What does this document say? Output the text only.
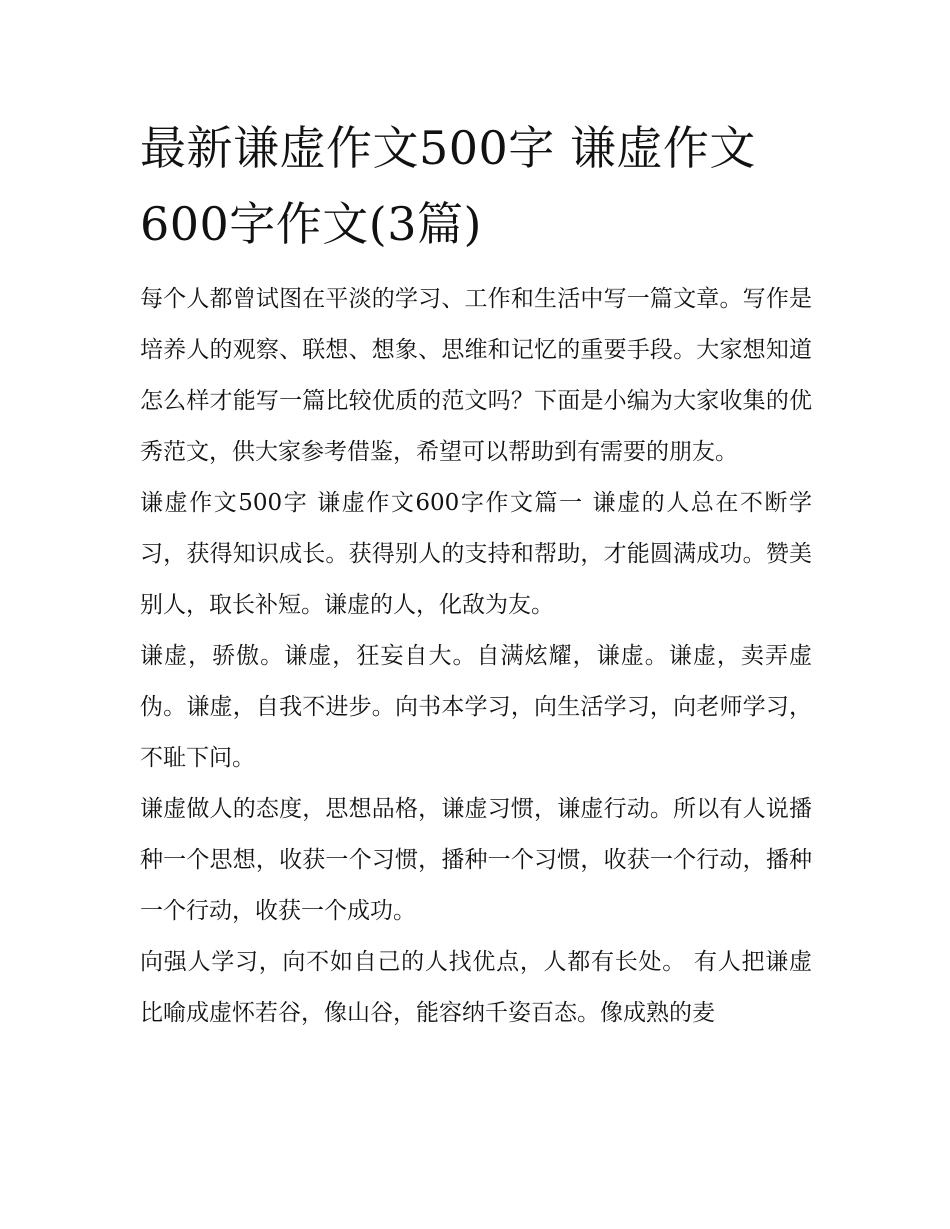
最新谦虚作文500字 谦虚作文600字作文(3篇)

每个人都曾试图在平淡的学习、工作和生活中写一篇文章。写作是培养人的观察、联想、想象、思维和记忆的重要手段。大家想知道怎么样才能写一篇比较优质的范文吗？下面是小编为大家收集的优秀范文，供大家参考借鉴，希望可以帮助到有需要的朋友。

谦虚作文500字 谦虚作文600字作文篇一 谦虚的人总在不断学习，获得知识成长。获得别人的支持和帮助，才能圆满成功。赞美别人，取长补短。谦虚的人，化敌为友。

谦虚，骄傲。谦虚，狂妄自大。自满炫耀，谦虚。谦虚，卖弄虚伪。谦虚，自我不进步。向书本学习，向生活学习，向老师学习，不耻下问。

谦虚做人的态度，思想品格，谦虚习惯，谦虚行动。所以有人说播种一个思想，收获一个习惯，播种一个习惯，收获一个行动，播种一个行动，收获一个成功。

向强人学习，向不如自己的人找优点，人都有长处。 有人把谦虚比喻成虚怀若谷，像山谷，能容纳千姿百态。像成熟的麦
